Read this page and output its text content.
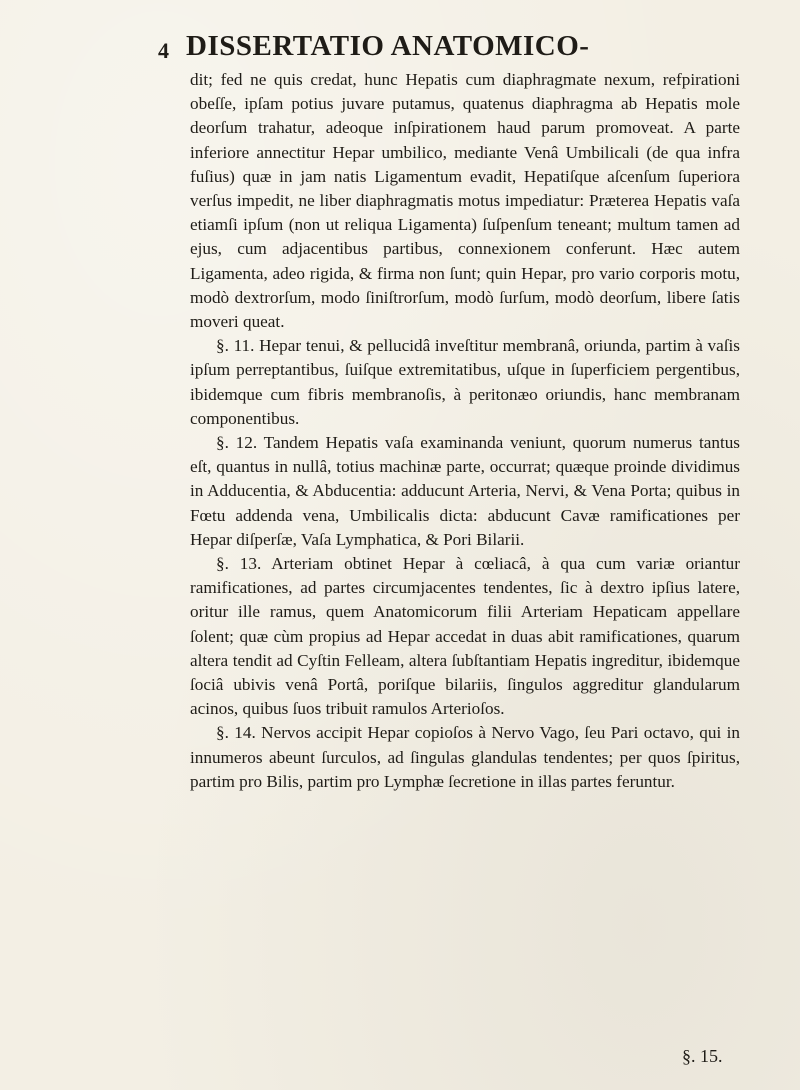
4 DISSERTATIO ANATOMICO-

dit; fed ne quis credat, hunc Hepatis cum diaphragmate nexum, refpirationi obeſſe, ipſam potius juvare putamus, quatenus diaphragma ab Hepatis mole deorſum trahatur, adeoque inſpirationem haud parum promoveat. A parte inferiore annectitur Hepar umbilico, mediante Venâ Umbilicali (de qua infra fuſius) quæ in jam natis Ligamentum evadit, Hepatiſque aſcenſum ſuperiora verſus impedit, ne liber diaphragmatis motus impediatur: Præterea Hepatis vaſa etiamſi ipſum (non ut reliqua Ligamenta) ſuſpenſum teneant; multum tamen ad ejus, cum adjacentibus partibus, connexionem conferunt. Hæc autem Ligamenta, adeo rigida, & firma non ſunt; quin Hepar, pro vario corporis motu, modò dextrorſum, modo ſiniſtrorſum, modò ſurſum, modò deorſum, libere ſatis moveri queat.

§. 11. Hepar tenui, & pellucidâ inveſtitur membranâ, oriunda, partim à vaſis ipſum perreptantibus, ſuiſque extremitatibus, uſque in ſuperficiem pergentibus, ibidemque cum fibris membranoſis, à peritonæo oriundis, hanc membranam componentibus.

§. 12. Tandem Hepatis vaſa examinanda veniunt, quorum numerus tantus eſt, quantus in nullâ, totius machinæ parte, occurrat; quæque proinde dividimus in Adducentia, & Abducentia: adducunt Arteria, Nervi, & Vena Porta; quibus in Fœtu addenda vena, Umbilicalis dicta: abducunt Cavæ ramificationes per Hepar diſperſæ, Vaſa Lymphatica, & Pori Bilarii.

§. 13. Arteriam obtinet Hepar à cœliacâ, à qua cum variæ oriantur ramificationes, ad partes circumjacentes tendentes, ſic à dextro ipſius latere, oritur ille ramus, quem Anatomicorum filii Arteriam Hepaticam appellare ſolent; quæ cùm propius ad Hepar accedat in duas abit ramificationes, quarum altera tendit ad Cyſtin Felleam, altera ſubſtantiam Hepatis ingreditur, ibidemque ſociâ ubivis venâ Portâ, poriſque bilariis, ſingulos aggreditur glandularum acinos, quibus ſuos tribuit ramulos Arterioſos.

§. 14. Nervos accipit Hepar copioſos à Nervo Vago, ſeu Pari octavo, qui in innumeros abeunt ſurculos, ad ſingulas glandulas tendentes; per quos ſpiritus, partim pro Bilis, partim pro Lymphæ ſecretione in illas partes feruntur.

§. 15.
